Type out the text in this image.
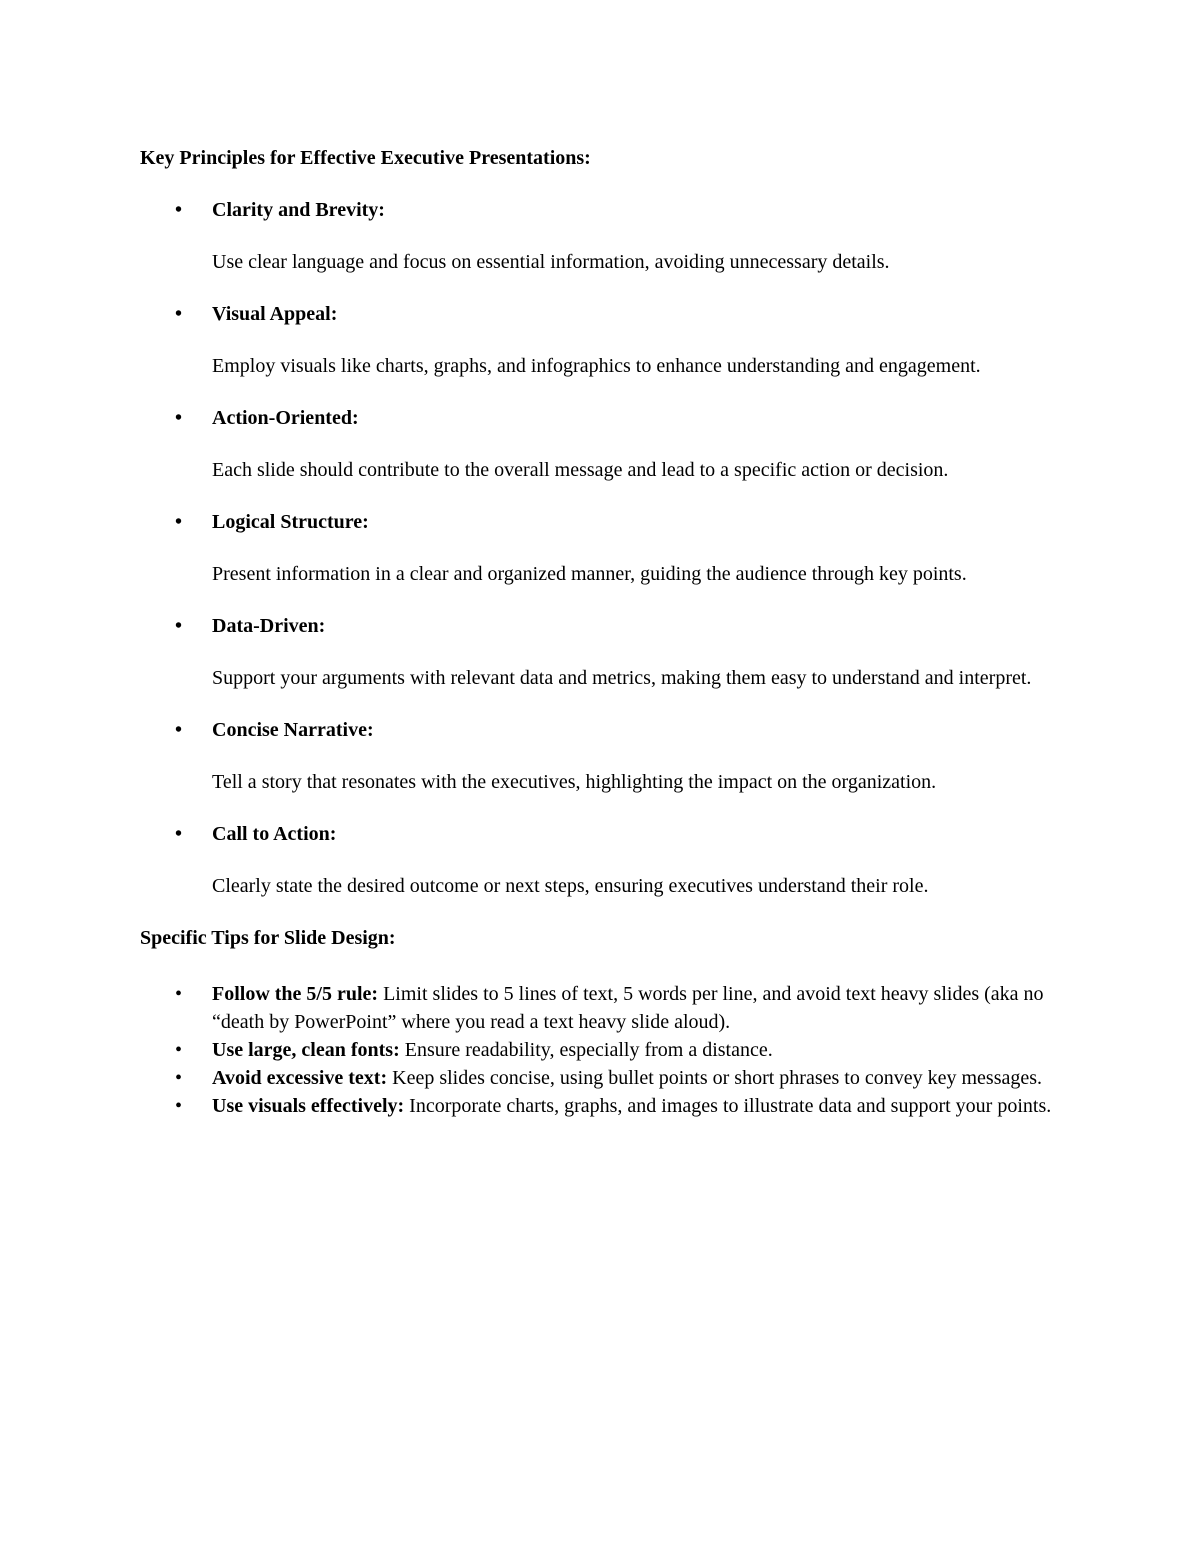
Key Principles for Effective Executive Presentations:

• Clarity and Brevity:

Use clear language and focus on essential information, avoiding unnecessary details.

• Visual Appeal:

Employ visuals like charts, graphs, and infographics to enhance understanding and engagement.

• Action-Oriented:

Each slide should contribute to the overall message and lead to a specific action or decision.

• Logical Structure:

Present information in a clear and organized manner, guiding the audience through key points.

• Data-Driven:

Support your arguments with relevant data and metrics, making them easy to understand and interpret.

• Concise Narrative:

Tell a story that resonates with the executives, highlighting the impact on the organization.

• Call to Action:

Clearly state the desired outcome or next steps, ensuring executives understand their role.

Specific Tips for Slide Design:

• Follow the 5/5 rule: Limit slides to 5 lines of text, 5 words per line, and avoid text heavy slides (aka no “death by PowerPoint” where you read a text heavy slide aloud).
• Use large, clean fonts: Ensure readability, especially from a distance.
• Avoid excessive text: Keep slides concise, using bullet points or short phrases to convey key messages.
• Use visuals effectively: Incorporate charts, graphs, and images to illustrate data and support your points.
